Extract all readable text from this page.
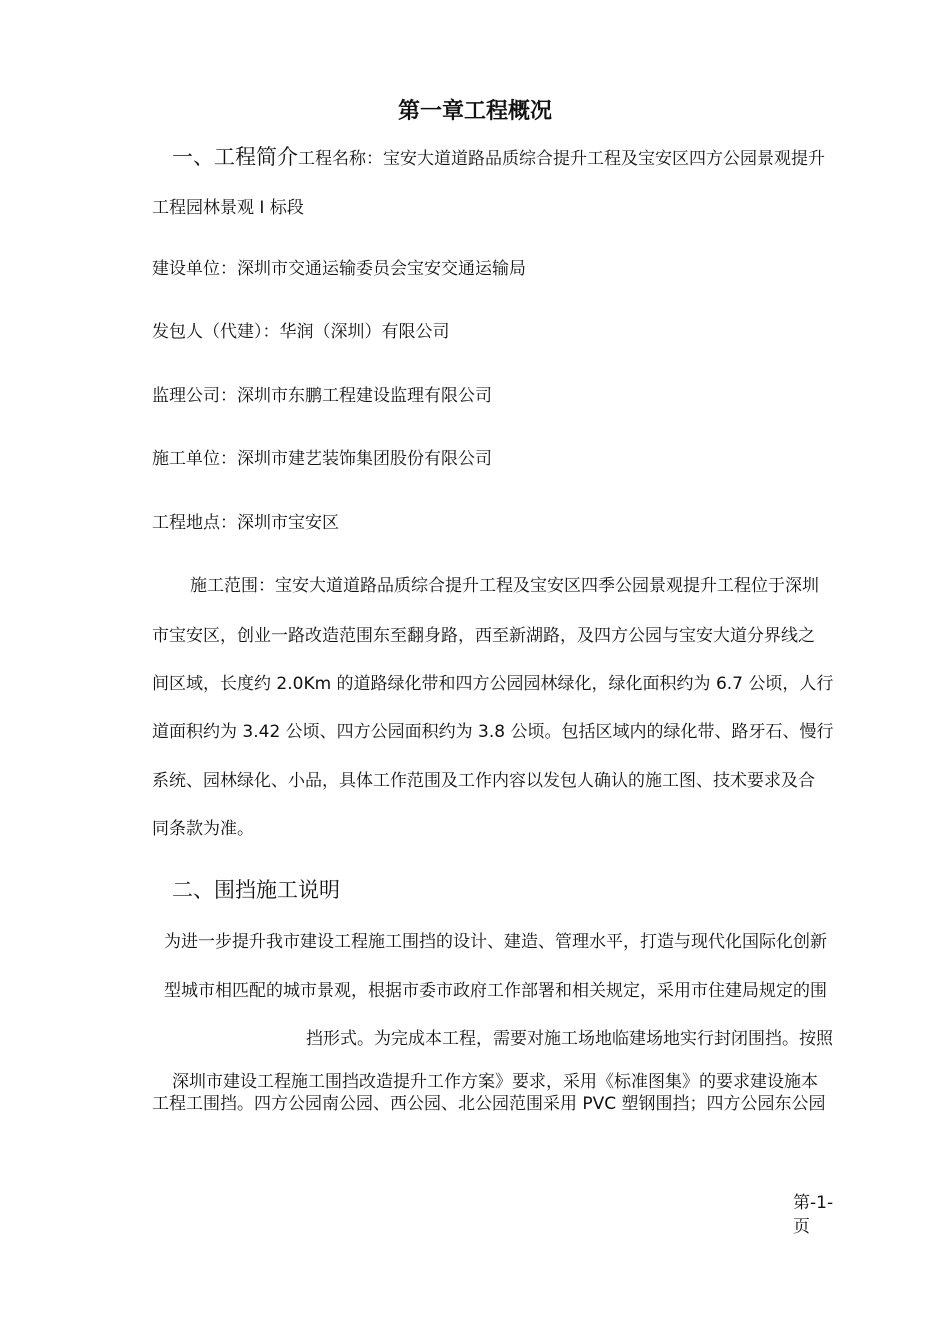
第一章工程概况
一、工程简介工程名称：宝安大道道路品质综合提升工程及宝安区四方公园景观提升
工程园林景观 I 标段
建设单位：深圳市交通运输委员会宝安交通运输局
发包人（代建）：华润（深圳）有限公司
监理公司：深圳市东鹏工程建设监理有限公司
施工单位：深圳市建艺装饰集团股份有限公司
工程地点：深圳市宝安区
施工范围：宝安大道道路品质综合提升工程及宝安区四季公园景观提升工程位于深圳
市宝安区，创业一路改造范围东至翻身路，西至新湖路，及四方公园与宝安大道分界线之
间区域，长度约 2.0Km 的道路绿化带和四方公园园林绿化，绿化面积约为 6.7 公顷，人行
道面积约为 3.42 公顷、四方公园面积约为 3.8 公顷。包括区域内的绿化带、路牙石、慢行
系统、园林绿化、小品，具体工作范围及工作内容以发包人确认的施工图、技术要求及合
同条款为准。
二、围挡施工说明
为进一步提升我市建设工程施工围挡的设计、建造、管理水平，打造与现代化国际化创新
型城市相匹配的城市景观，根据市委市政府工作部署和相关规定，采用市住建局规定的围
挡形式。为完成本工程，需要对施工场地临建场地实行封闭围挡。按照
深圳市建设工程施工围挡改造提升工作方案》要求，采用《标准图集》的要求建设施本
工程工围挡。四方公园南公园、西公园、北公园范围采用 PVC 塑钢围挡；四方公园东公园
第-1-
页
